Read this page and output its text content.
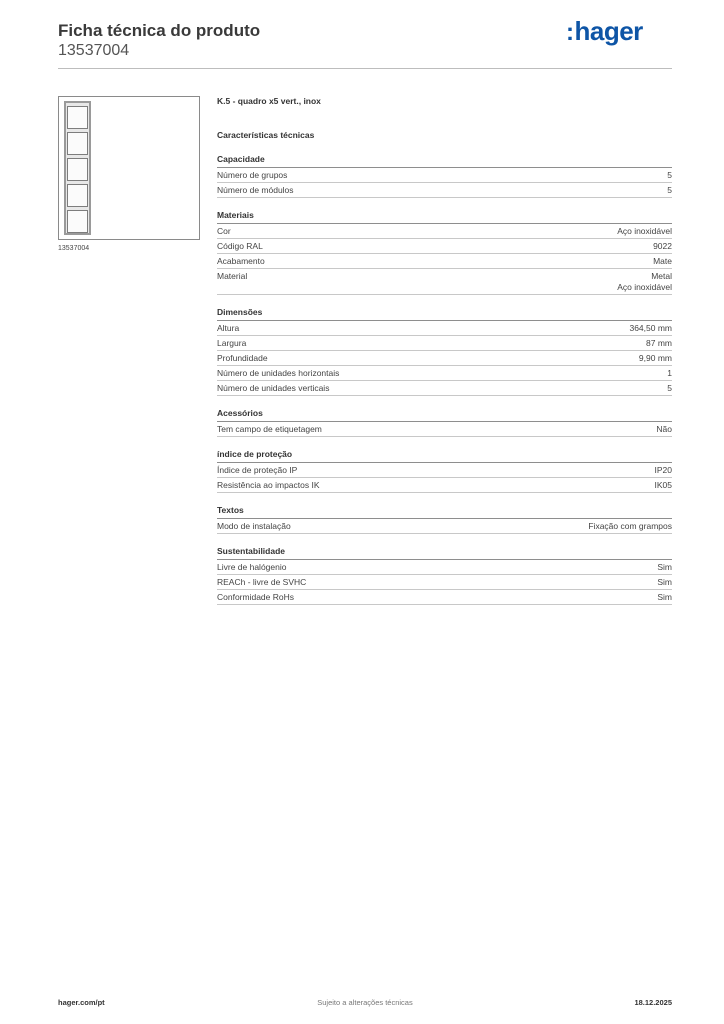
Ficha técnica do produto
13537004
:hager
13537004
K.5 - quadro x5 vert., inox
Características técnicas
Capacidade
Número de grupos	5
Número de módulos	5
Materiais
Cor	Aço inoxidável
Código RAL	9022
Acabamento	Mate
Material	Metal
Aço inoxidável
Dimensões
Altura	364,50 mm
Largura	87 mm
Profundidade	9,90 mm
Número de unidades horizontais	1
Número de unidades verticais	5
Acessórios
Tem campo de etiquetagem	Não
índice de proteção
Índice de proteção IP	IP20
Resistência ao impactos IK	IK05
Textos
Modo de instalação	Fixação com grampos
Sustentabilidade
Livre de halógenio	Sim
REACh - livre de SVHC	Sim
Conformidade RoHs	Sim
hager.com/pt	Sujeito a alterações técnicas	18.12.2025
